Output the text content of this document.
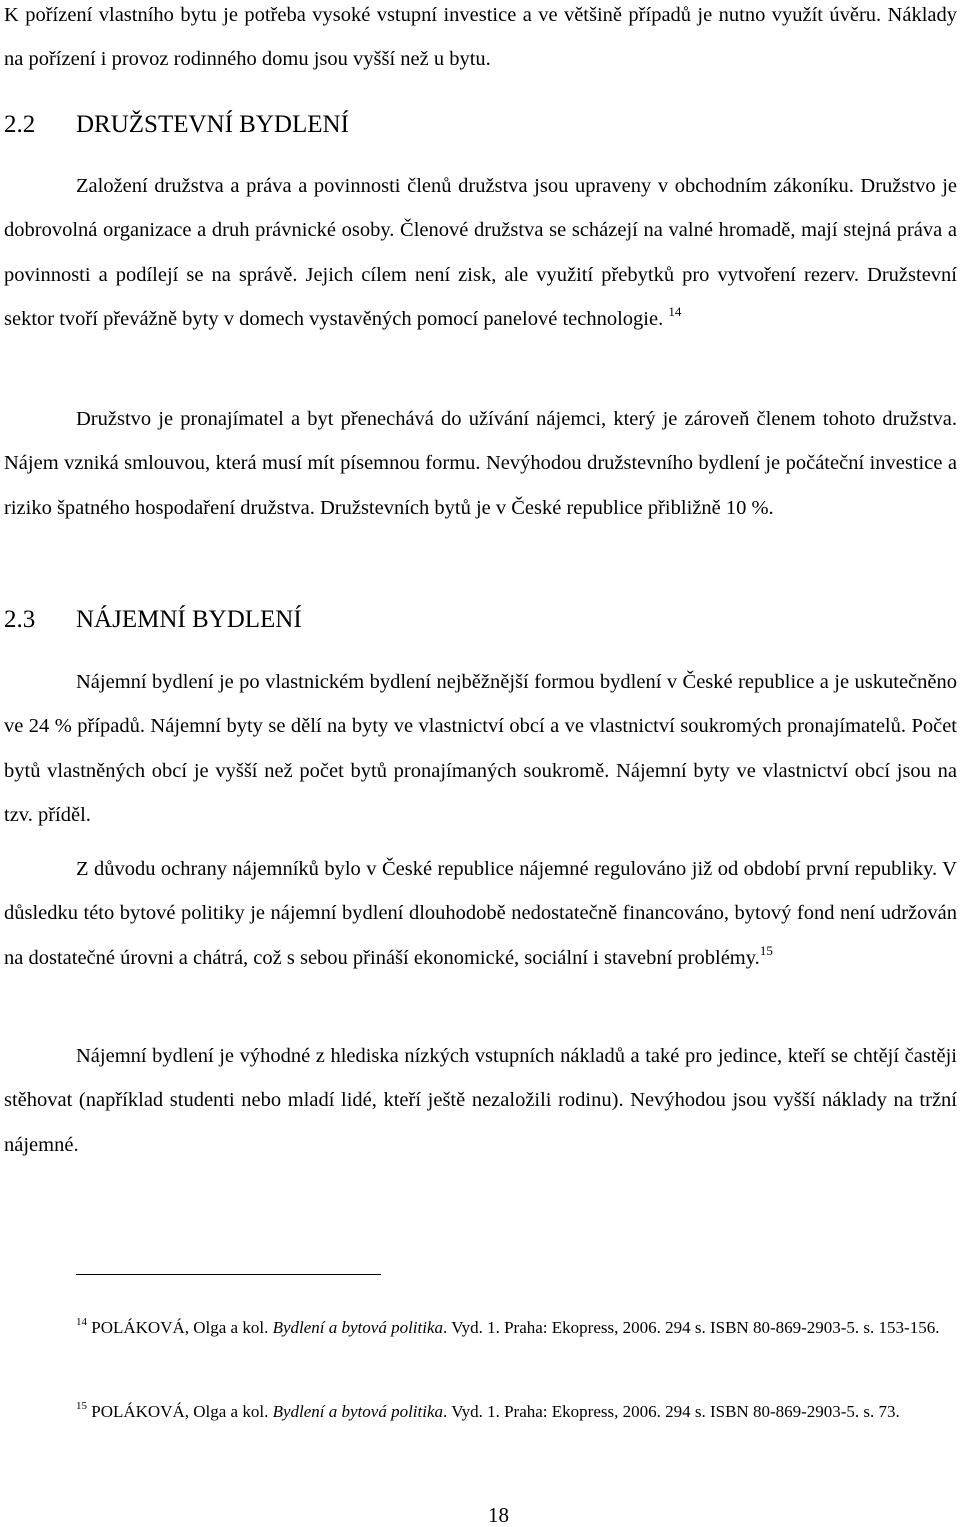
K pořízení vlastního bytu je potřeba vysoké vstupní investice a ve většině případů je nutno využít úvěru. Náklady na pořízení i provoz rodinného domu jsou vyšší než u bytu.

2.2 DRUŽSTEVNÍ BYDLENÍ

Založení družstva a práva a povinnosti členů družstva jsou upraveny v obchodním zákoníku. Družstvo je dobrovolná organizace a druh právnické osoby. Členové družstva se scházejí na valné hromadě, mají stejná práva a povinnosti a podílejí se na správě. Jejich cílem není zisk, ale využití přebytků pro vytvoření rezerv. Družstevní sektor tvoří převážně byty v domech vystavěných pomocí panelové technologie. $^{14}$

Družstvo je pronajímatel a byt přenechává do užívání nájemci, který je zároveň členem tohoto družstva. Nájem vzniká smlouvou, která musí mít písemnou formu. Nevýhodou družstevního bydlení je počáteční investice a riziko špatného hospodaření družstva. Družstevních bytů je v České republice přibližně 10 %.

2.3 NÁJEMNÍ BYDLENÍ

Nájemní bydlení je po vlastnickém bydlení nejběžnější formou bydlení v České republice a je uskutečněno ve 24 % případů. Nájemní byty se dělí na byty ve vlastnictví obcí a ve vlastnictví soukromých pronajímatelů. Počet bytů vlastněných obcí je vyšší než počet bytů pronajímaných soukromě. Nájemní byty ve vlastnictví obcí jsou na tzv. příděl.

Z důvodu ochrany nájemníků bylo v České republice nájemné regulováno již od období první republiky. V důsledku této bytové politiky je nájemní bydlení dlouhodobě nedostatečně financováno, bytový fond není udržován na dostatečné úrovni a chátrá, což s sebou přináší ekonomické, sociální i stavební problémy.$^{15}$

Nájemní bydlení je výhodné z hlediska nízkých vstupních nákladů a také pro jedince, kteří se chtějí častěji stěhovat (například studenti nebo mladí lidé, kteří ještě nezaložili rodinu). Nevýhodou jsou vyšší náklady na tržní nájemné.

$^{14}$ POLÁKOVÁ, Olga a kol. Bydlení a bytová politika. Vyd. 1. Praha: Ekopress, 2006. 294 s. ISBN 80-869-2903-5. s. 153-156.

$^{15}$ POLÁKOVÁ, Olga a kol. Bydlení a bytová politika. Vyd. 1. Praha: Ekopress, 2006. 294 s. ISBN 80-869-2903-5. s. 73.

18
